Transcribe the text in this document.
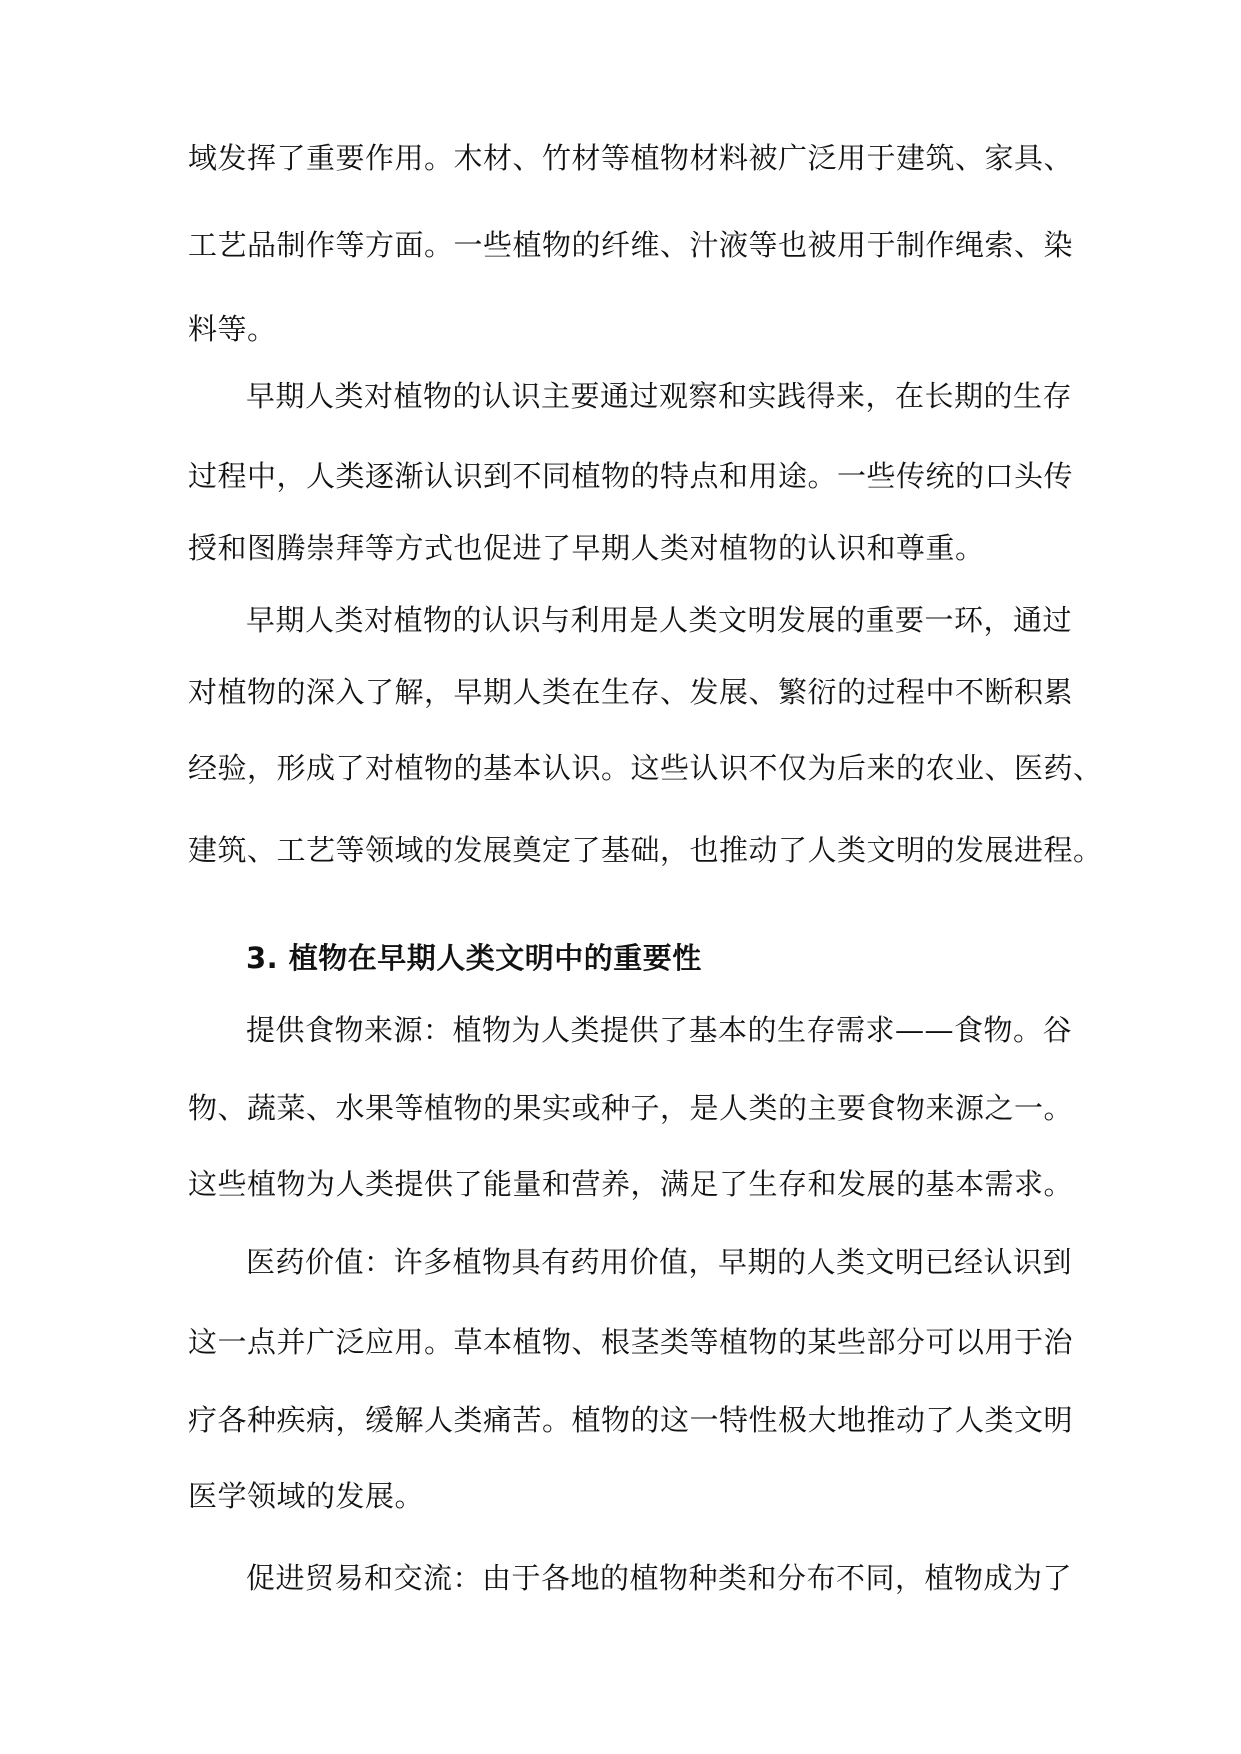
域发挥了重要作用。木材、竹材等植物材料被广泛用于建筑、家具、
工艺品制作等方面。一些植物的纤维、汁液等也被用于制作绳索、染
料等。
早期人类对植物的认识主要通过观察和实践得来，在长期的生存
过程中，人类逐渐认识到不同植物的特点和用途。一些传统的口头传
授和图腾崇拜等方式也促进了早期人类对植物的认识和尊重。
早期人类对植物的认识与利用是人类文明发展的重要一环，通过
对植物的深入了解，早期人类在生存、发展、繁衍的过程中不断积累
经验，形成了对植物的基本认识。这些认识不仅为后来的农业、医药、
建筑、工艺等领域的发展奠定了基础，也推动了人类文明的发展进程。
3. 植物在早期人类文明中的重要性
提供食物来源：植物为人类提供了基本的生存需求——食物。谷
物、蔬菜、水果等植物的果实或种子，是人类的主要食物来源之一。
这些植物为人类提供了能量和营养，满足了生存和发展的基本需求。
医药价值：许多植物具有药用价值，早期的人类文明已经认识到
这一点并广泛应用。草本植物、根茎类等植物的某些部分可以用于治
疗各种疾病，缓解人类痛苦。植物的这一特性极大地推动了人类文明
医学领域的发展。
促进贸易和交流：由于各地的植物种类和分布不同，植物成为了
